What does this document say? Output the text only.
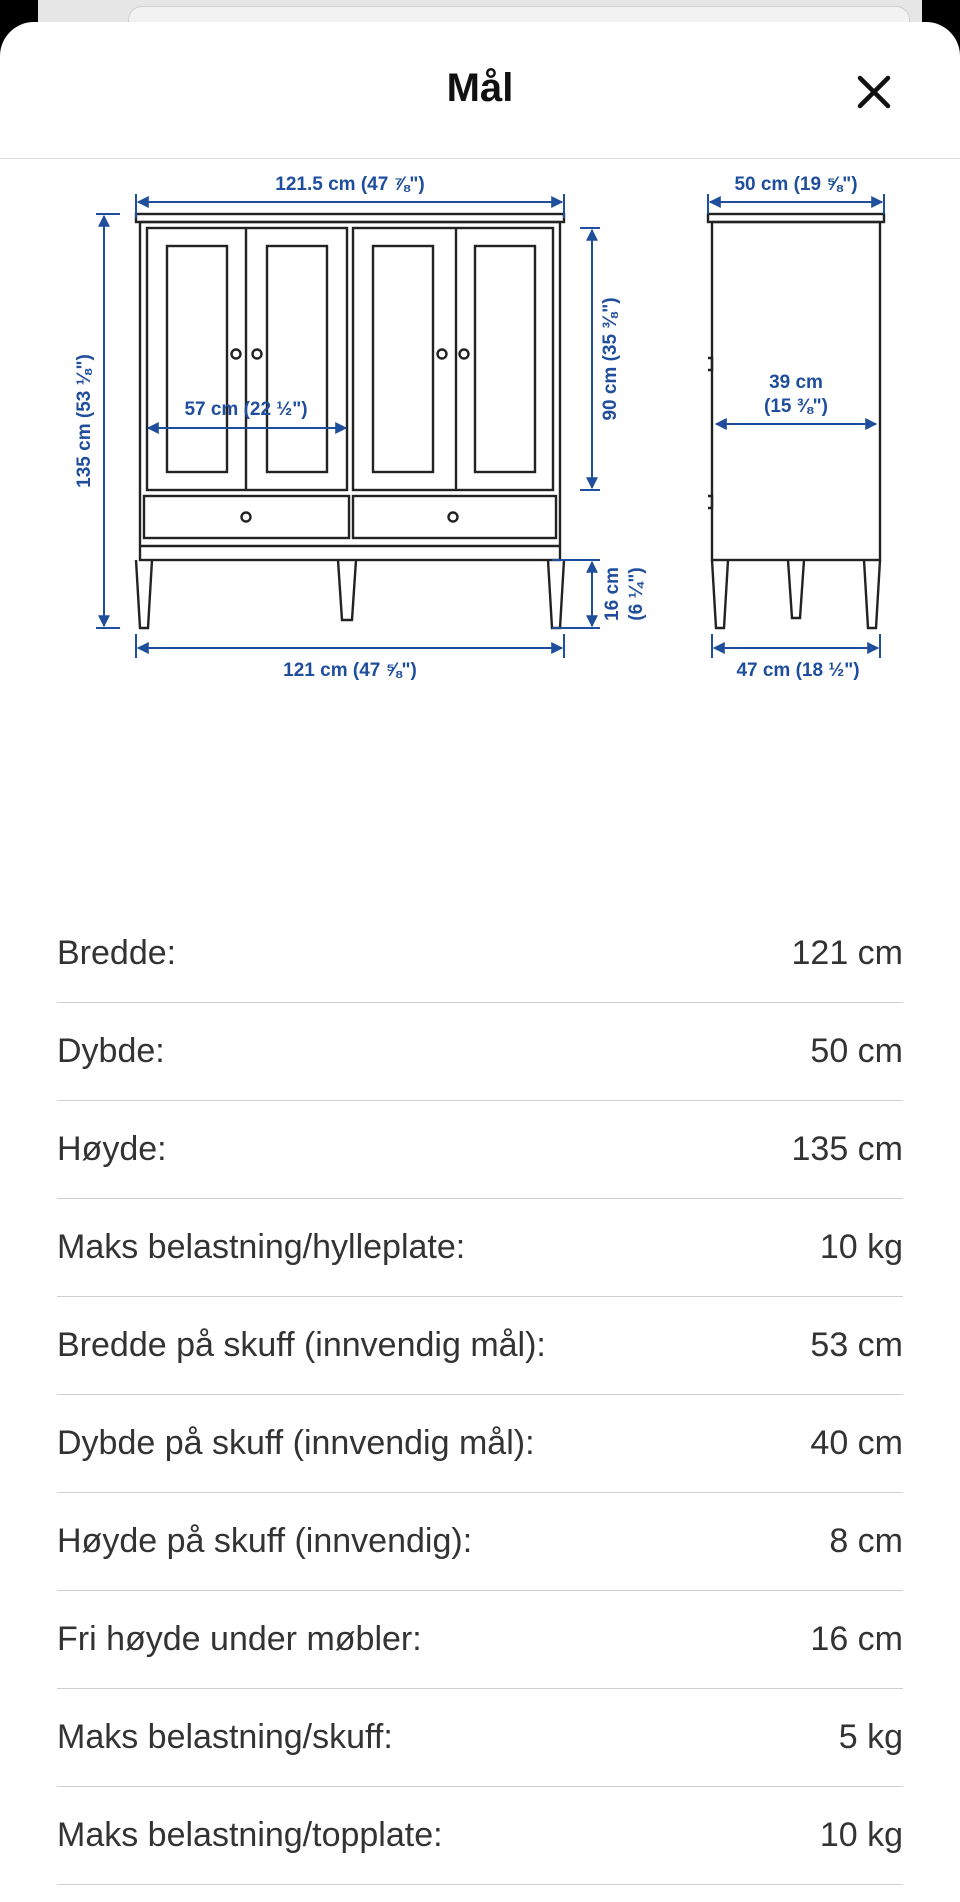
Mål
121.5 cm (47 ⅞")
135 cm (53 ⅛")	90 cm (35 ⅜")
57 cm (22 ½")
16 cm (6 ¼")
121 cm (47 ⅝")
50 cm (19 ⅝")
39 cm
(15 ⅜")
47 cm (18 ½")
Bredde:	121 cm
Dybde:	50 cm
Høyde:	135 cm
Maks belastning/hylleplate:	10 kg
Bredde på skuff (innvendig mål):	53 cm
Dybde på skuff (innvendig mål):	40 cm
Høyde på skuff (innvendig):	8 cm
Fri høyde under møbler:	16 cm
Maks belastning/skuff:	5 kg
Maks belastning/topplate:	10 kg
